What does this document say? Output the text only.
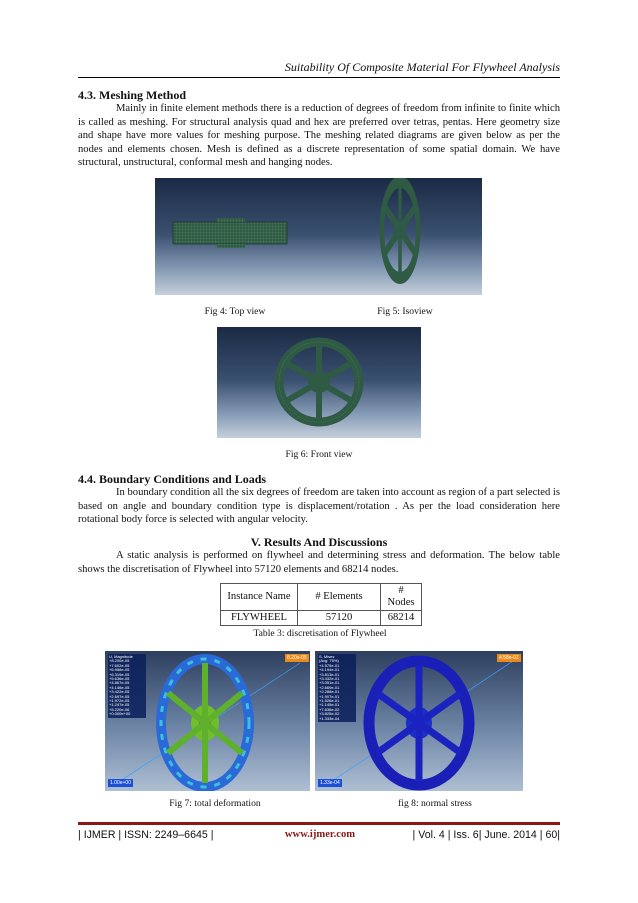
Suitability Of Composite Material For Flywheel Analysis
4.3. Meshing Method

Mainly in finite element methods there is a reduction of degrees of freedom from infinite to finite which is called as meshing. For structural analysis quad and hex are preferred over tetras, pentas. Here geometry size and shape have more values for meshing purpose. The meshing related diagrams are given below as per the nodes and elements chosen. Mesh is defined as a discrete representation of some spatial domain. We have structural, unstructural, conformal mesh and hanging nodes.

Fig 4: Top view	Fig 5: Isoview
Fig 6: Front view
4.4. Boundary Conditions and Loads

In boundary condition all the six degrees of freedom are taken into account as region of a part selected is based on angle and boundary condition type is displacement/rotation . As per the load consideration here rotational body force is selected with angular velocity.

V. Results And Discussions

A static analysis is performed on flywheel and determining stress and deformation. The below table shows the discretisation of Flywheel into 57120 elements and 68214 nodes.

Instance Name	# Elements	# Nodes
FLYWHEEL	57120	68214
Table 3: discretisation of Flywheel
U, Magnitude
+8.200e-05
+7.602e-05
+6.958e-05
+6.319e-05
+5.636e-05
+4.867e-05
+4.146e-05
+3.422e-05
+2.697e-05
+1.972e-05
+1.247e-05
+5.220e-06
+0.000e+00
8.20e-05
1.00e+00
S, Mises
(Avg: 75%)
+4.575e-01
+4.194e-01
+3.813e-01
+3.432e-01
+3.051e-01
+2.669e-01
+2.288e-01
+1.907e-01
+1.526e-01
+1.145e-01
+7.636e-02
+3.825e-02
+1.333e-04
4.58e-01
1.33e-04
Fig 7: total deformation	fig 8: normal stress
| IJMER | ISSN: 2249–6645 |	www.ijmer.com	| Vol. 4 | Iss. 6| June. 2014 | 60|
